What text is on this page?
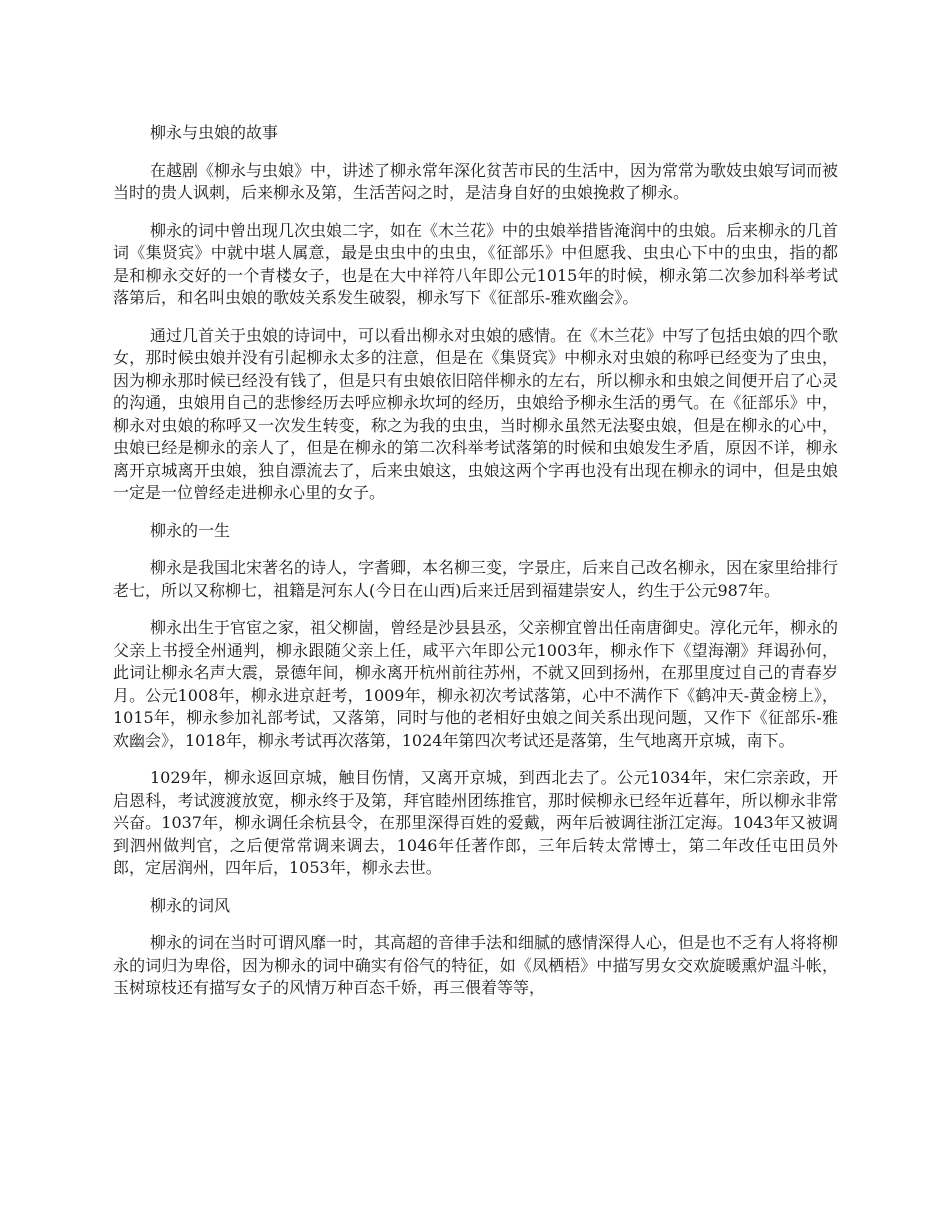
柳永与虫娘的故事

在越剧《柳永与虫娘》中，讲述了柳永常年深化贫苦市民的生活中，因为常常为歌妓虫娘写词而被当时的贵人讽刺，后来柳永及第，生活苦闷之时，是洁身自好的虫娘挽救了柳永。

柳永的词中曾出现几次虫娘二字，如在《木兰花》中的虫娘举措皆淹润中的虫娘。后来柳永的几首词《集贤宾》中就中堪人属意，最是虫虫中的虫虫，《征部乐》中但愿我、虫虫心下中的虫虫，指的都是和柳永交好的一个青楼女子，也是在大中祥符八年即公元1015年的时候，柳永第二次参加科举考试落第后，和名叫虫娘的歌妓关系发生破裂，柳永写下《征部乐-雅欢幽会》。

通过几首关于虫娘的诗词中，可以看出柳永对虫娘的感情。在《木兰花》中写了包括虫娘的四个歌女，那时候虫娘并没有引起柳永太多的注意，但是在《集贤宾》中柳永对虫娘的称呼已经变为了虫虫，因为柳永那时候已经没有钱了，但是只有虫娘依旧陪伴柳永的左右，所以柳永和虫娘之间便开启了心灵的沟通，虫娘用自己的悲惨经历去呼应柳永坎坷的经历，虫娘给予柳永生活的勇气。在《征部乐》中，柳永对虫娘的称呼又一次发生转变，称之为我的虫虫，当时柳永虽然无法娶虫娘，但是在柳永的心中，虫娘已经是柳永的亲人了，但是在柳永的第二次科举考试落第的时候和虫娘发生矛盾，原因不详，柳永离开京城离开虫娘，独自漂流去了，后来虫娘这，虫娘这两个字再也没有出现在柳永的词中，但是虫娘一定是一位曾经走进柳永心里的女子。

柳永的一生

柳永是我国北宋著名的诗人，字耆卿，本名柳三变，字景庄，后来自己改名柳永，因在家里给排行老七，所以又称柳七，祖籍是河东人(今日在山西)后来迁居到福建崇安人，约生于公元987年。

柳永出生于官宦之家，祖父柳崮，曾经是沙县县丞，父亲柳宜曾出任南唐御史。淳化元年，柳永的父亲上书授全州通判，柳永跟随父亲上任，咸平六年即公元1003年，柳永作下《望海潮》拜谒孙何，此词让柳永名声大震，景德年间，柳永离开杭州前往苏州，不就又回到扬州，在那里度过自己的青春岁月。公元1008年，柳永进京赶考，1009年，柳永初次考试落第，心中不满作下《鹤冲天-黄金榜上》，1015年，柳永参加礼部考试，又落第，同时与他的老相好虫娘之间关系出现问题，又作下《征部乐-雅欢幽会》，1018年，柳永考试再次落第，1024年第四次考试还是落第，生气地离开京城，南下。

1029年，柳永返回京城，触目伤情，又离开京城，到西北去了。公元1034年，宋仁宗亲政，开启恩科，考试渡渡放宽，柳永终于及第，拜官睦州团练推官，那时候柳永已经年近暮年，所以柳永非常兴奋。1037年，柳永调任余杭县令，在那里深得百姓的爱戴，两年后被调往浙江定海。1043年又被调到泗州做判官，之后便常常调来调去，1046年任著作郎，三年后转太常博士，第二年改任屯田员外郎，定居润州，四年后，1053年，柳永去世。

柳永的词风

柳永的词在当时可谓风靡一时，其高超的音律手法和细腻的感情深得人心，但是也不乏有人将将柳永的词归为卑俗，因为柳永的词中确实有俗气的特征，如《凤栖梧》中描写男女交欢旋暖熏炉温斗帐，玉树琼枝还有描写女子的风情万种百态千娇，再三偎着等等，
